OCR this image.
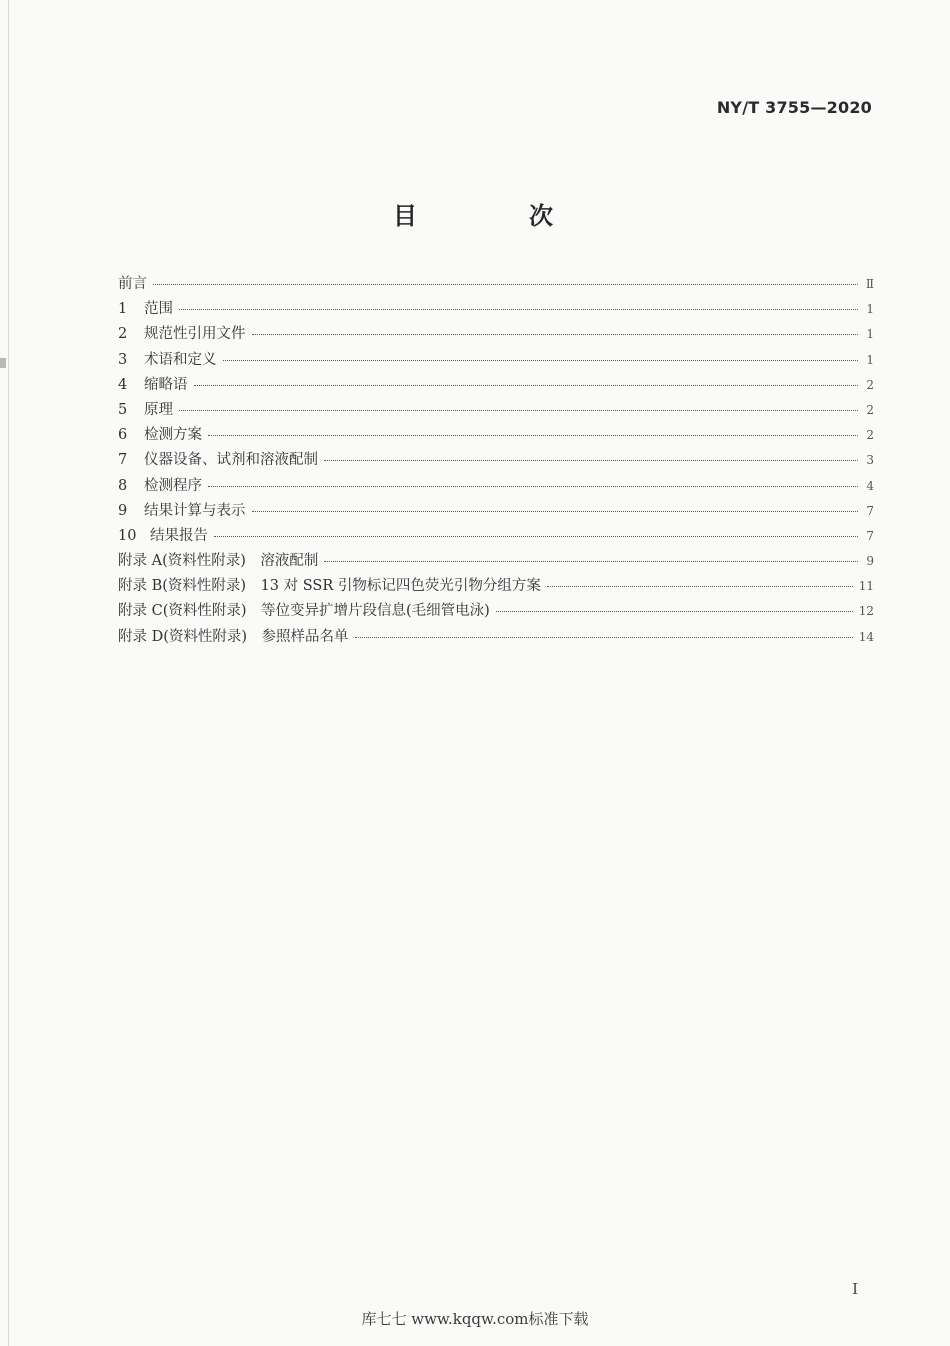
NY/T 3755—2020
目　次
前言	Ⅱ
1 范围	1
2 规范性引用文件	1
3 术语和定义	1
4 缩略语	2
5 原理	2
6 检测方案	2
7 仪器设备、试剂和溶液配制	3
8 检测程序	4
9 结果计算与表示	7
10 结果报告	7
附录 A(资料性附录)　溶液配制	9
附录 B(资料性附录)　13 对 SSR 引物标记四色荧光引物分组方案	11
附录 C(资料性附录)　等位变异扩增片段信息(毛细管电泳)	12
附录 D(资料性附录)　参照样品名单	14
Ⅰ
库七七 www.kqqw.com标准下载
